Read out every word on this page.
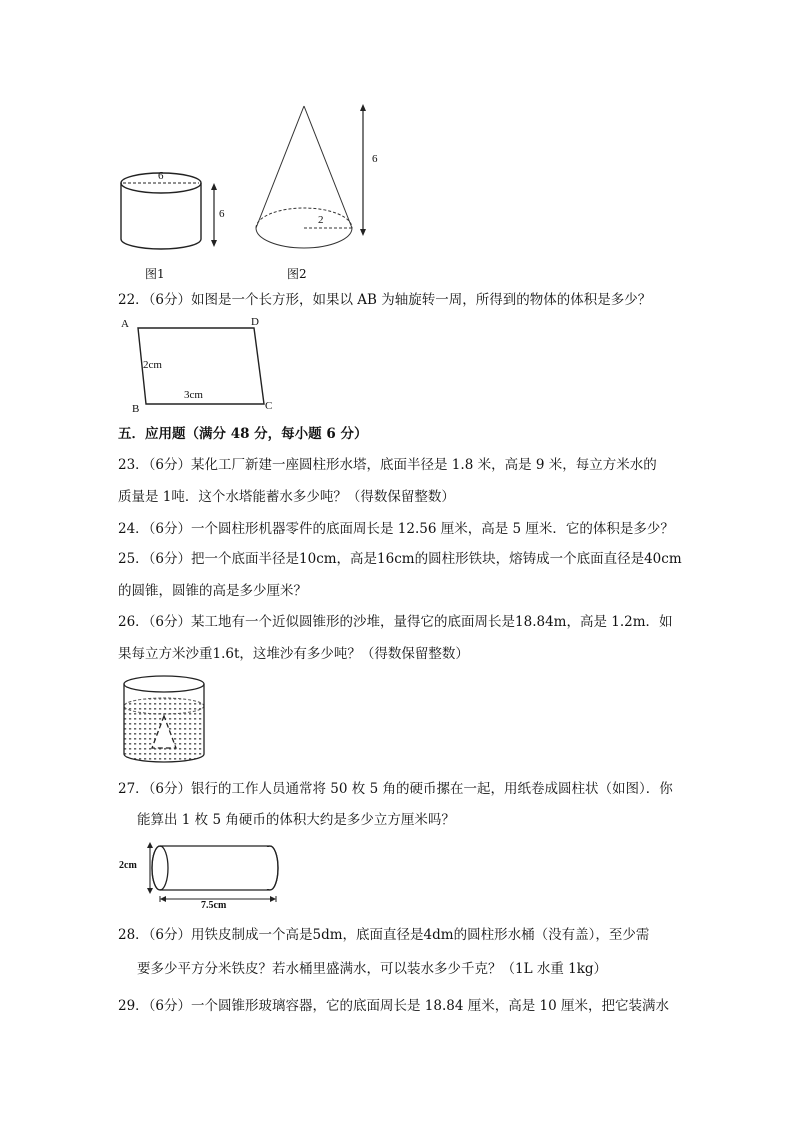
6
6
图1
6
2
图2
22．（6分）如图是一个长方形，如果以 AB 为轴旋转一周，所得到的物体的体积是多少？
A	D
B	C
2cm
3cm
五．应用题（满分 48 分，每小题 6 分）
23．（6分）某化工厂新建一座圆柱形水塔，底面半径是 1.8 米，高是 9 米，每立方米水的
质量是 1吨．这个水塔能蓄水多少吨？（得数保留整数）
24．（6分）一个圆柱形机器零件的底面周长是 12.56 厘米，高是 5 厘米．它的体积是多少？
25．（6分）把一个底面半径是10cm，高是16cm的圆柱形铁块，熔铸成一个底面直径是40cm
的圆锥，圆锥的高是多少厘米？
26．（6分）某工地有一个近似圆锥形的沙堆，量得它的底面周长是18.84m，高是 1.2m．如
果每立方米沙重1.6t，这堆沙有多少吨？（得数保留整数）
27．（6分）银行的工作人员通常将 50 枚 5 角的硬币摞在一起，用纸卷成圆柱状（如图）．你
能算出 1 枚 5 角硬币的体积大约是多少立方厘米吗？
2cm
7.5cm
28．（6分）用铁皮制成一个高是5dm，底面直径是4dm的圆柱形水桶（没有盖），至少需
要多少平方分米铁皮？若水桶里盛满水，可以装水多少千克？（1L 水重 1kg）
29．（6分）一个圆锥形玻璃容器，它的底面周长是 18.84 厘米，高是 10 厘米，把它装满水
